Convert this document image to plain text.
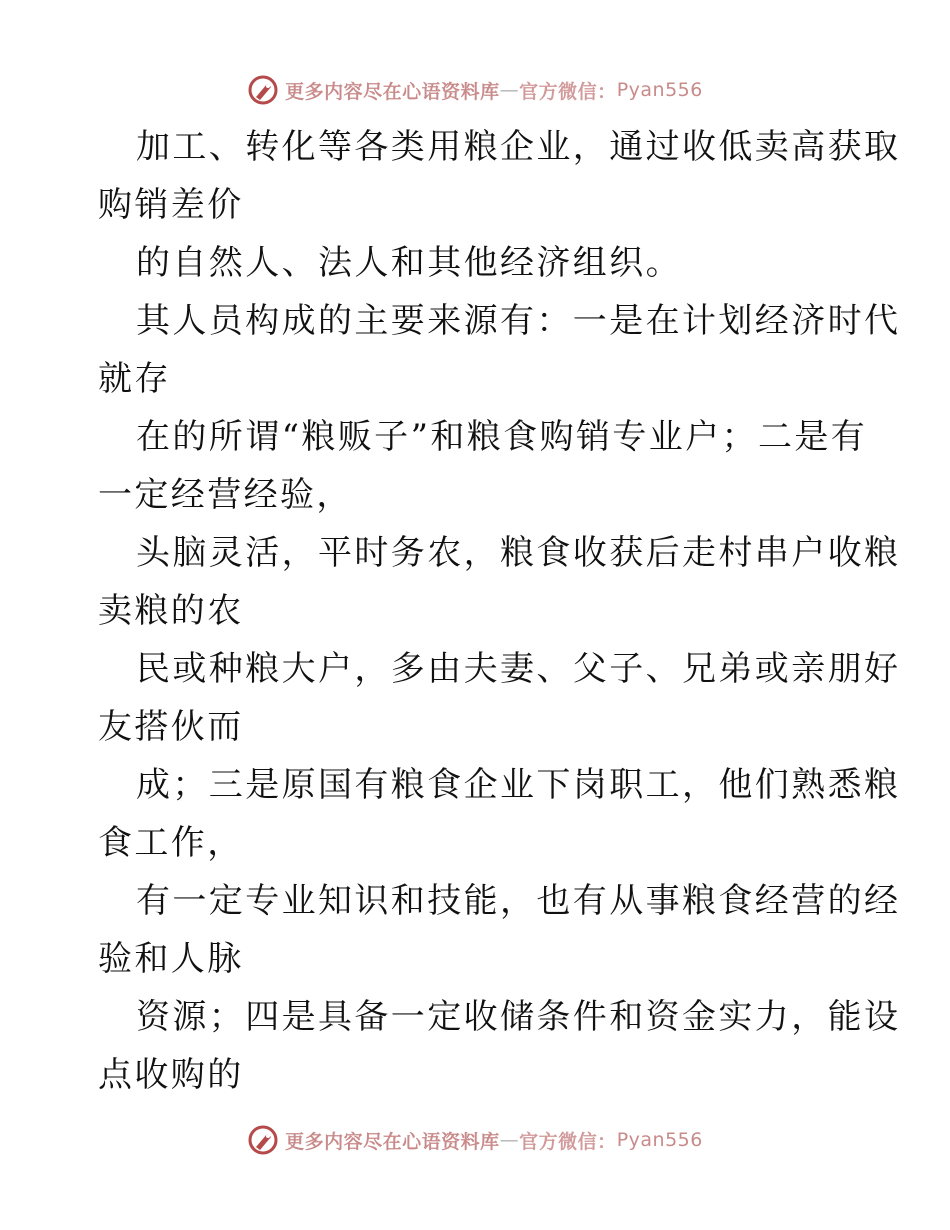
更多内容尽在心语资料库 — 官方微信： Pyan556
加工、转化等各类用粮企业，通过收低卖高获取
购销差价
的自然人、法人和其他经济组织。
其人员构成的主要来源有：一是在计划经济时代
就存
在的所谓“粮贩子”和粮食购销专业户；二是有
一定经营经验，
头脑灵活，平时务农，粮食收获后走村串户收粮
卖粮的农
民或种粮大户，多由夫妻、父子、兄弟或亲朋好
友搭伙而
成；三是原国有粮食企业下岗职工，他们熟悉粮
食工作，
有一定专业知识和技能，也有从事粮食经营的经
验和人脉
资源；四是具备一定收储条件和资金实力，能设
点收购的
更多内容尽在心语资料库 — 官方微信： Pyan556
